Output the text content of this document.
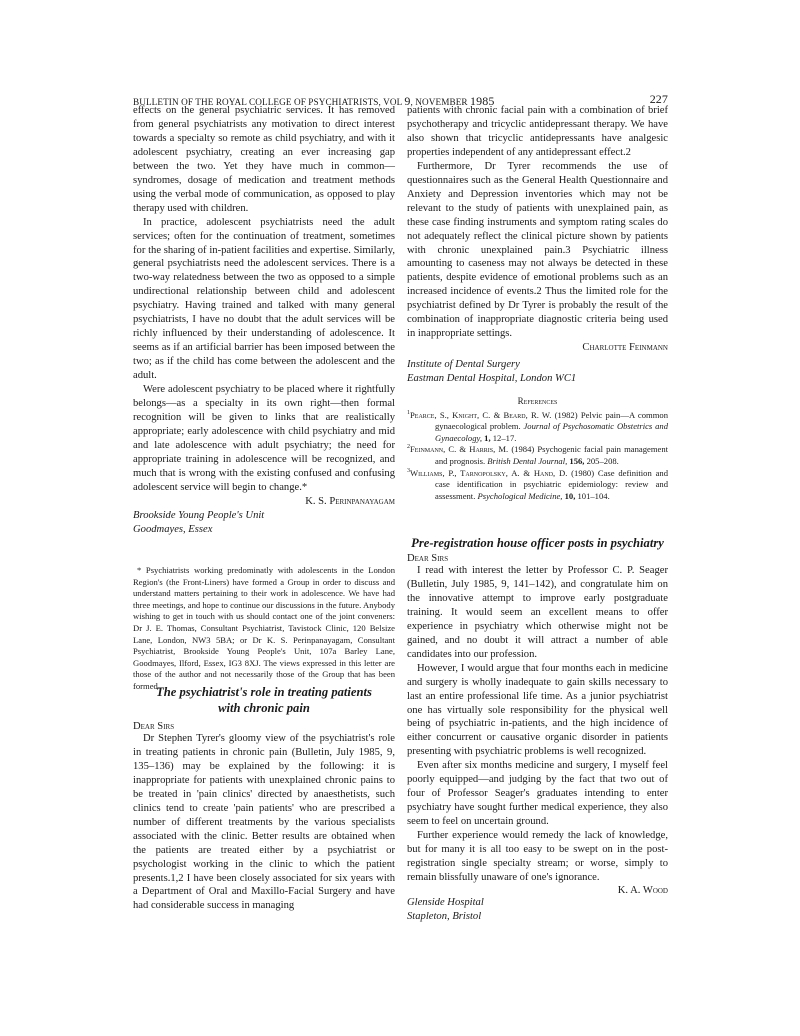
BULLETIN OF THE ROYAL COLLEGE OF PSYCHIATRISTS, VOL 9, NOVEMBER 1985	227

effects on the general psychiatric services. It has removed from general psychiatrists any motivation to direct interest towards a specialty so remote as child psychiatry, and with it adolescent psychiatry, creating an ever increasing gap between the two. Yet they have much in common—syndromes, dosage of medication and treatment methods using the verbal mode of communication, as opposed to play therapy used with children.

In practice, adolescent psychiatrists need the adult services; often for the continuation of treatment, sometimes for the sharing of in-patient facilities and expertise. Similarly, general psychiatrists need the adolescent services. There is a two-way relatedness between the two as opposed to a simple undirectional relationship between child and adolescent psychiatry. Having trained and talked with many general psychiatrists, I have no doubt that the adult services will be richly influenced by their understanding of adolescence. It seems as if an artificial barrier has been imposed between the two; as if the child has come between the adolescent and the adult.

Were adolescent psychiatry to be placed where it rightfully belongs—as a specialty in its own right—then formal recognition will be given to links that are realistically appropriate; early adolescence with child psychiatry and mid and late adolescence with adult psychiatry; the need for appropriate training in adolescence will be recognized, and much that is wrong with the existing confused and confusing adolescent service will begin to change.*

K. S. Perinpanayagam
Brookside Young People's Unit
Goodmayes, Essex

* Psychiatrists working predominatly with adolescents in the London Region's (the Front-Liners) have formed a Group in order to discuss and understand matters pertaining to their work in adolescence. We have had three meetings, and hope to continue our discussions in the future. Anybody wishing to get in touch with us should contact one of the joint conveners: Dr J. E. Thomas, Consultant Psychiatrist, Tavistock Clinic, 120 Belsize Lane, London, NW3 5BA; or Dr K. S. Perinpanayagam, Consultant Psychiatrist, Brookside Young People's Unit, 107a Barley Lane, Goodmayes, Ilford, Essex, IG3 8XJ. The views expressed in this letter are those of the author and not necessarily those of the Group that has been formed.

The psychiatrist's role in treating patients with chronic pain
Dear Sirs

Dr Stephen Tyrer's gloomy view of the psychiatrist's role in treating patients in chronic pain (Bulletin, July 1985, 9, 135–136) may be explained by the following: it is inappropriate for patients with unexplained chronic pains to be treated in 'pain clinics' directed by anaesthetists, such clinics tend to create 'pain patients' who are prescribed a number of different treatments by the various specialists associated with the clinic. Better results are obtained when the patients are treated either by a psychiatrist or psychologist working in the clinic to which the patient presents.1,2 I have been closely associated for six years with a Department of Oral and Maxillo-Facial Surgery and have had considerable success in managing

patients with chronic facial pain with a combination of brief psychotherapy and tricyclic antidepressant therapy. We have also shown that tricyclic antidepressants have analgesic properties independent of any antidepressant effect.2

Furthermore, Dr Tyrer recommends the use of questionnaires such as the General Health Questionnaire and Anxiety and Depression inventories which may not be relevant to the study of patients with unexplained pain, as these case finding instruments and symptom rating scales do not adequately reflect the clinical picture shown by patients with chronic unexplained pain.3 Psychiatric illness amounting to caseness may not always be detected in these patients, despite evidence of emotional problems such as an increased incidence of events.2 Thus the limited role for the psychiatrist defined by Dr Tyrer is probably the result of the combination of inappropriate diagnostic criteria being used in inappropriate settings.

Charlotte Feinmann
Institute of Dental Surgery
Eastman Dental Hospital, London WC1
References
$^1$Pearce, S., Knight, C. & Beard, R. W. (1982) Pelvic pain—A common gynaecological problem. Journal of Psychosomatic Obstetrics and Gynaecology, 1, 12–17.
$^2$Feinmann, C. & Harris, M. (1984) Psychogenic facial pain management and prognosis. British Dental Journal, 156, 205–208.
$^3$Williams, P., Tarnopolsky, A. & Hand, D. (1980) Case definition and case identification in psychiatric epidemiology: review and assessment. Psychological Medicine, 10, 101–104.
Pre-registration house officer posts in psychiatry
Dear Sirs

I read with interest the letter by Professor C. P. Seager (Bulletin, July 1985, 9, 141–142), and congratulate him on the innovative attempt to improve early postgraduate training. It would seem an excellent means to offer experience in psychiatry which otherwise might not be gained, and no doubt it will attract a number of able candidates into our profession.

However, I would argue that four months each in medicine and surgery is wholly inadequate to gain skills necessary to last an entire professional life time. As a junior psychiatrist one has virtually sole responsibility for the physical well being of psychiatric in-patients, and the high incidence of either concurrent or causative organic disorder in patients presenting with psychiatric problems is well recognized.

Even after six months medicine and surgery, I myself feel poorly equipped—and judging by the fact that two out of four of Professor Seager's graduates intending to enter psychiatry have sought further medical experience, they also seem to feel on uncertain ground.

Further experience would remedy the lack of knowledge, but for many it is all too easy to be swept on in the post-registration single specialty stream; or worse, simply to remain blissfully unaware of one's ignorance.

K. A. Wood
Glenside Hospital
Stapleton, Bristol
